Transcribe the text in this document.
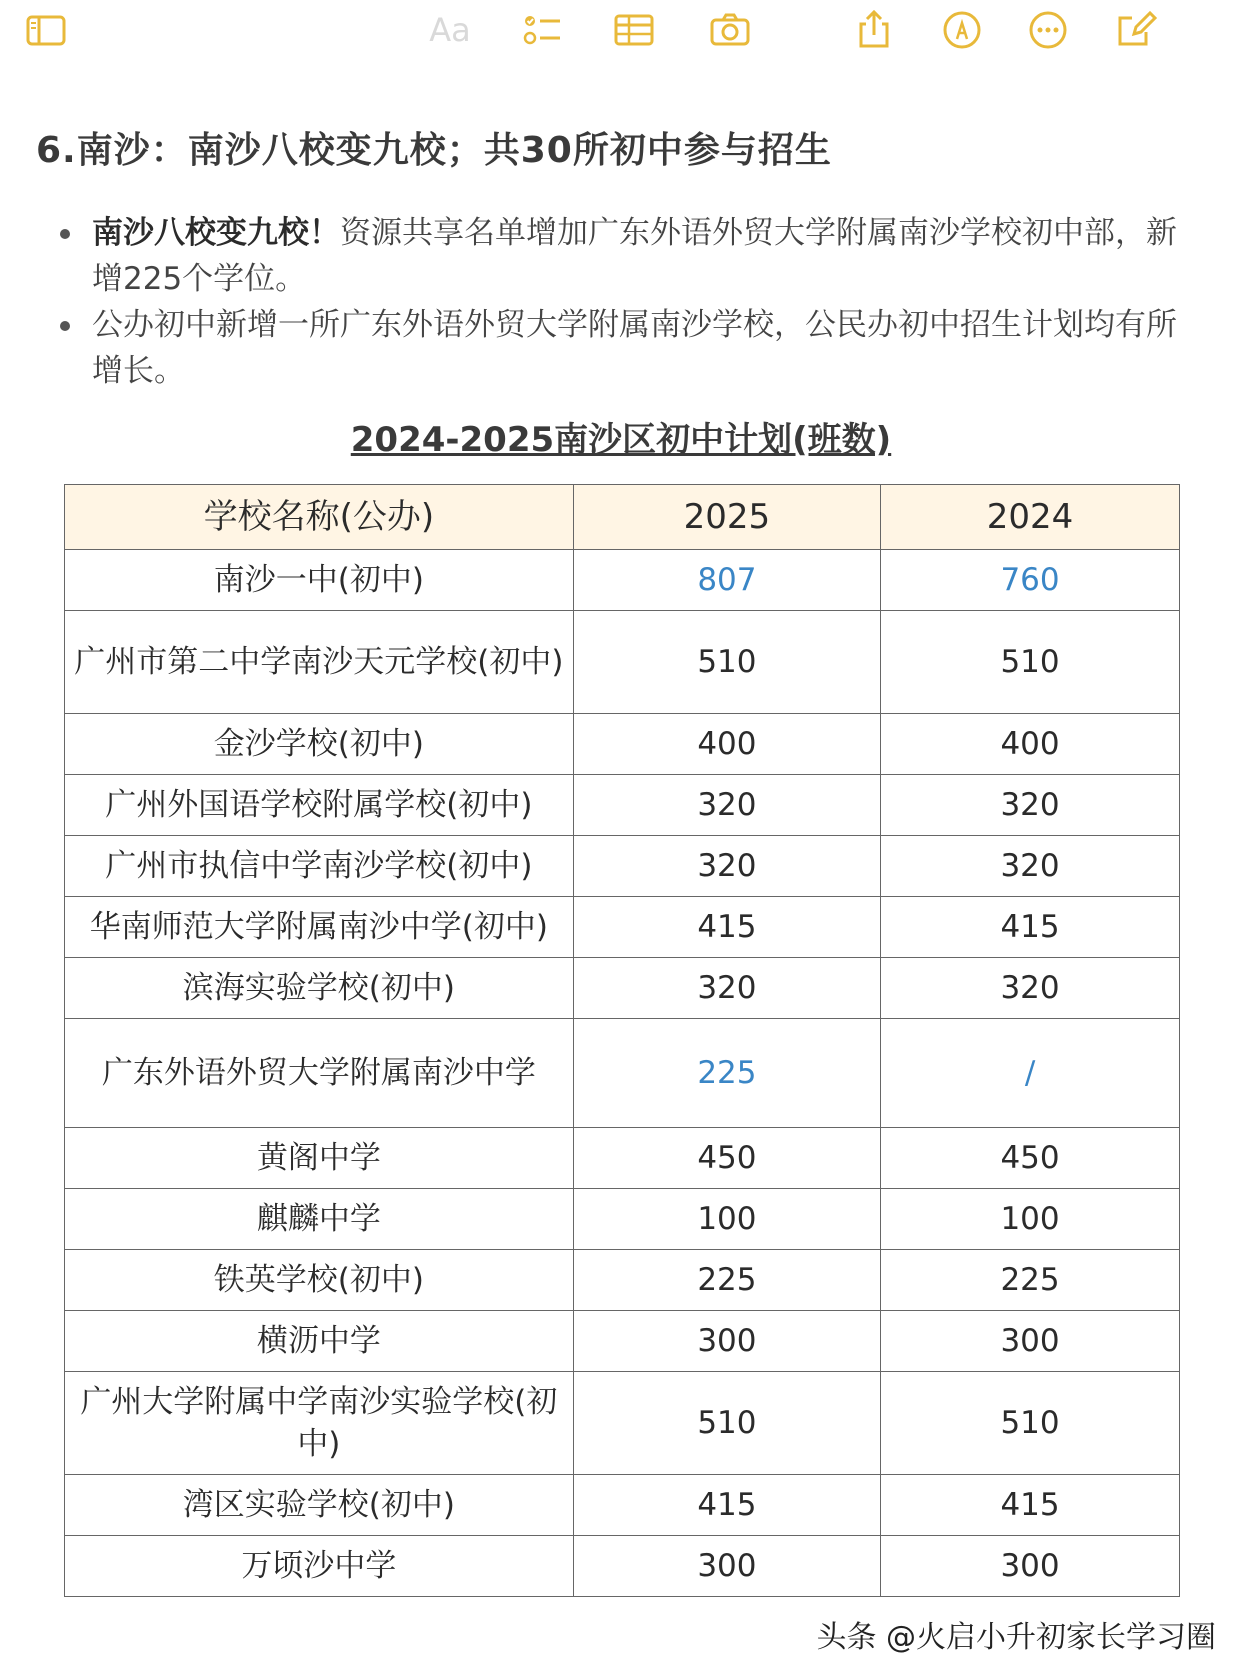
Aa
6.南沙：南沙八校变九校；共30所初中参与招生
南沙八校变九校！资源共享名单增加广东外语外贸大学附属南沙学校初中部，新增225个学位。
公办初中新增一所广东外语外贸大学附属南沙学校，公民办初中招生计划均有所增长。
2024-2025南沙区初中计划(班数)
学校名称(公办)	2025	2024
南沙一中(初中)	807	760
广州市第二中学南沙天元学校(初中)	510	510
金沙学校(初中)	400	400
广州外国语学校附属学校(初中)	320	320
广州市执信中学南沙学校(初中)	320	320
华南师范大学附属南沙中学(初中)	415	415
滨海实验学校(初中)	320	320
广东外语外贸大学附属南沙中学	225	/
黄阁中学	450	450
麒麟中学	100	100
铁英学校(初中)	225	225
横沥中学	300	300
广州大学附属中学南沙实验学校(初中)	510	510
湾区实验学校(初中)	415	415
万顷沙中学	300	300
头条 @火启小升初家长学习圈
